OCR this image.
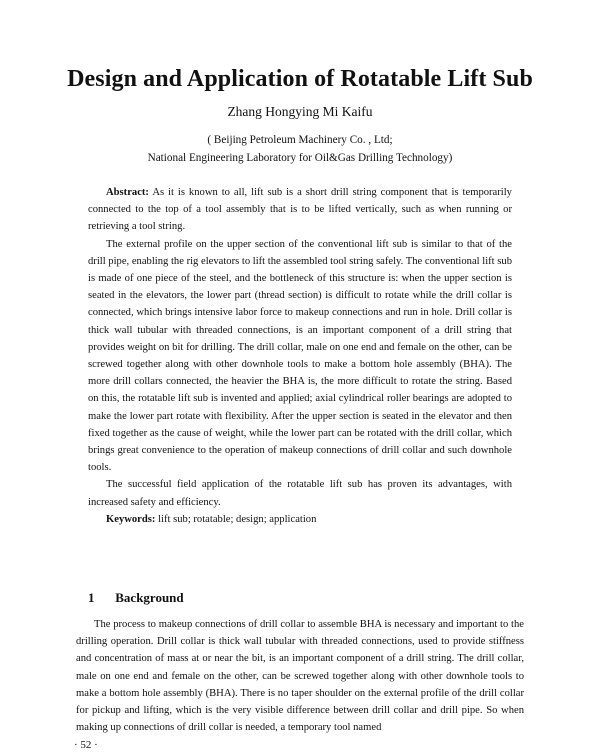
Design and Application of Rotatable Lift Sub
Zhang Hongying Mi Kaifu
( Beijing Petroleum Machinery Co. , Ltd;
National Engineering Laboratory for Oil&Gas Drilling Technology)

Abstract: As it is known to all, lift sub is a short drill string component that is temporarily connected to the top of a tool assembly that is to be lifted vertically, such as when running or retrieving a tool string.

The external profile on the upper section of the conventional lift sub is similar to that of the drill pipe, enabling the rig elevators to lift the assembled tool string safely. The conventional lift sub is made of one piece of the steel, and the bottleneck of this structure is: when the upper section is seated in the elevators, the lower part (thread section) is difficult to rotate while the drill collar is connected, which brings intensive labor force to makeup connections and run in hole. Drill collar is thick wall tubular with threaded connections, is an important component of a drill string that provides weight on bit for drilling. The drill collar, male on one end and female on the other, can be screwed together along with other downhole tools to make a bottom hole assembly (BHA). The more drill collars connected, the heavier the BHA is, the more difficult to rotate the string. Based on this, the rotatable lift sub is invented and applied; axial cylindrical roller bearings are adopted to make the lower part rotate with flexibility. After the upper section is seated in the elevator and then fixed together as the cause of weight, while the lower part can be rotated with the drill collar, which brings great convenience to the operation of makeup connections of drill collar and such downhole tools.

The successful field application of the rotatable lift sub has proven its advantages, with increased safety and efficiency.

Keywords: lift sub; rotatable; design; application

1 Background

The process to makeup connections of drill collar to assemble BHA is necessary and important to the drilling operation. Drill collar is thick wall tubular with threaded connections, used to provide stiffness and concentration of mass at or near the bit, is an important component of a drill string. The drill collar, male on one end and female on the other, can be screwed together along with other downhole tools to make a bottom hole assembly (BHA). There is no taper shoulder on the external profile of the drill collar for pickup and lifting, which is the very visible difference between drill collar and drill pipe. So when making up connections of drill collar is needed, a temporary tool named

· 52 ·
